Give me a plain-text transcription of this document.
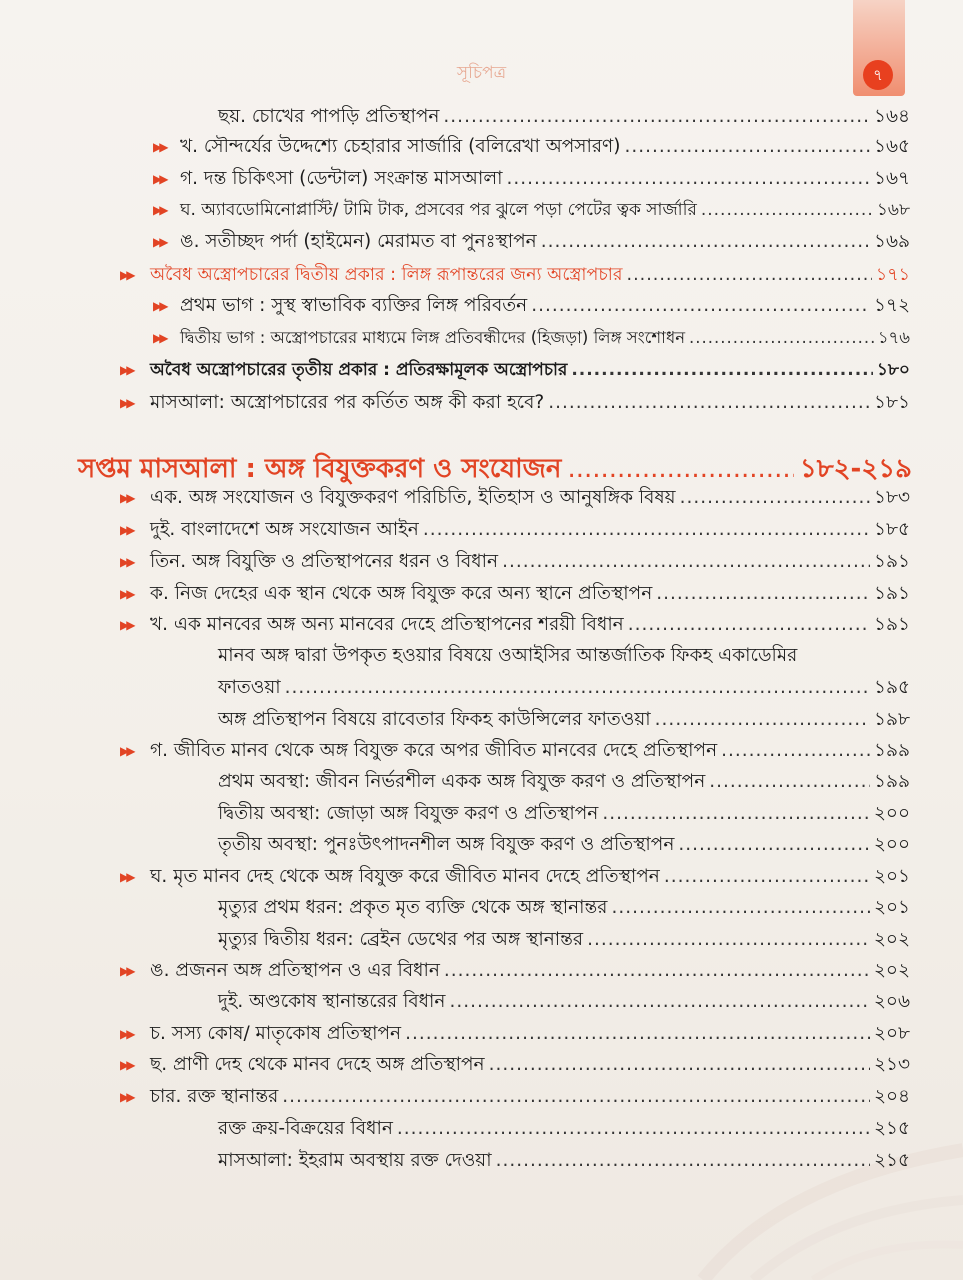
৭
সূচিপত্র
ছয়. চোখের পাপড়ি প্রতিস্থাপন .....	১৬৪
▶▶ খ. সৌন্দর্যের উদ্দেশ্যে চেহারার সার্জারি (বলিরেখা অপসারণ) .....	১৬৫
▶▶ গ. দন্ত চিকিৎসা (ডেন্টাল) সংক্রান্ত মাসআলা .....	১৬৭
▶▶ ঘ. অ্যাবডোমিনোপ্লাস্টি/ টামি টাক, প্রসবের পর ঝুলে পড়া পেটের ত্বক সার্জারি .....	১৬৮
▶▶ ঙ. সতীচ্ছদ পর্দা (হাইমেন) মেরামত বা পুনঃস্থাপন .....	১৬৯
▶▶ অবৈধ অস্ত্রোপচারের দ্বিতীয় প্রকার : লিঙ্গ রূপান্তরের জন্য অস্ত্রোপচার .....	১৭১
▶▶ প্রথম ভাগ : সুস্থ স্বাভাবিক ব্যক্তির লিঙ্গ পরিবর্তন .....	১৭২
▶▶ দ্বিতীয় ভাগ : অস্ত্রোপচারের মাধ্যমে লিঙ্গ প্রতিবন্ধীদের (হিজড়া) লিঙ্গ সংশোধন .....	১৭৬
▶▶ অবৈধ অস্ত্রোপচারের তৃতীয় প্রকার : প্রতিরক্ষামূলক অস্ত্রোপচার .....	১৮০
▶▶ মাসআলা: অস্ত্রোপচারের পর কর্তিত অঙ্গ কী করা হবে? .....	১৮১
সপ্তম মাসআলা : অঙ্গ বিযুক্তকরণ ও সংযোজন .....	১৮২-২১৯
▶▶ এক. অঙ্গ সংযোজন ও বিযুক্তকরণ পরিচিতি, ইতিহাস ও আনুষঙ্গিক বিষয় .....	১৮৩
▶▶ দুই. বাংলাদেশে অঙ্গ সংযোজন আইন .....	১৮৫
▶▶ তিন. অঙ্গ বিযুক্তি ও প্রতিস্থাপনের ধরন ও বিধান .....	১৯১
▶▶ ক. নিজ দেহের এক স্থান থেকে অঙ্গ বিযুক্ত করে অন্য স্থানে প্রতিস্থাপন .....	১৯১
▶▶ খ. এক মানবের অঙ্গ অন্য মানবের দেহে প্রতিস্থাপনের শরয়ী বিধান .....	১৯১
মানব অঙ্গ দ্বারা উপকৃত হওয়ার বিষয়ে ওআইসির আন্তর্জাতিক ফিকহ একাডেমির
ফাতওয়া .....	১৯৫
অঙ্গ প্রতিস্থাপন বিষয়ে রাবেতার ফিকহ কাউন্সিলের ফাতওয়া .....	১৯৮
▶▶ গ. জীবিত মানব থেকে অঙ্গ বিযুক্ত করে অপর জীবিত মানবের দেহে প্রতিস্থাপন .....	১৯৯
প্রথম অবস্থা: জীবন নির্ভরশীল একক অঙ্গ বিযুক্ত করণ ও প্রতিস্থাপন .....	১৯৯
দ্বিতীয় অবস্থা: জোড়া অঙ্গ বিযুক্ত করণ ও প্রতিস্থাপন .....	২০০
তৃতীয় অবস্থা: পুনঃউৎপাদনশীল অঙ্গ বিযুক্ত করণ ও প্রতিস্থাপন .....	২০০
▶▶ ঘ. মৃত মানব দেহ থেকে অঙ্গ বিযুক্ত করে জীবিত মানব দেহে প্রতিস্থাপন .....	২০১
মৃত্যুর প্রথম ধরন: প্রকৃত মৃত ব্যক্তি থেকে অঙ্গ স্থানান্তর .....	২০১
মৃত্যুর দ্বিতীয় ধরন: ব্রেইন ডেথের পর অঙ্গ স্থানান্তর .....	২০২
▶▶ ঙ. প্রজনন অঙ্গ প্রতিস্থাপন ও এর বিধান .....	২০২
দুই. অণ্ডকোষ স্থানান্তরের বিধান .....	২০৬
▶▶ চ. সস্য কোষ/ মাতৃকোষ প্রতিস্থাপন .....	২০৮
▶▶ ছ. প্রাণী দেহ থেকে মানব দেহে অঙ্গ প্রতিস্থাপন .....	২১৩
▶▶ চার. রক্ত স্থানান্তর .....	২০৪
রক্ত ক্রয়-বিক্রয়ের বিধান .....	২১৫
মাসআলা: ইহরাম অবস্থায় রক্ত দেওয়া .....	২১৫
